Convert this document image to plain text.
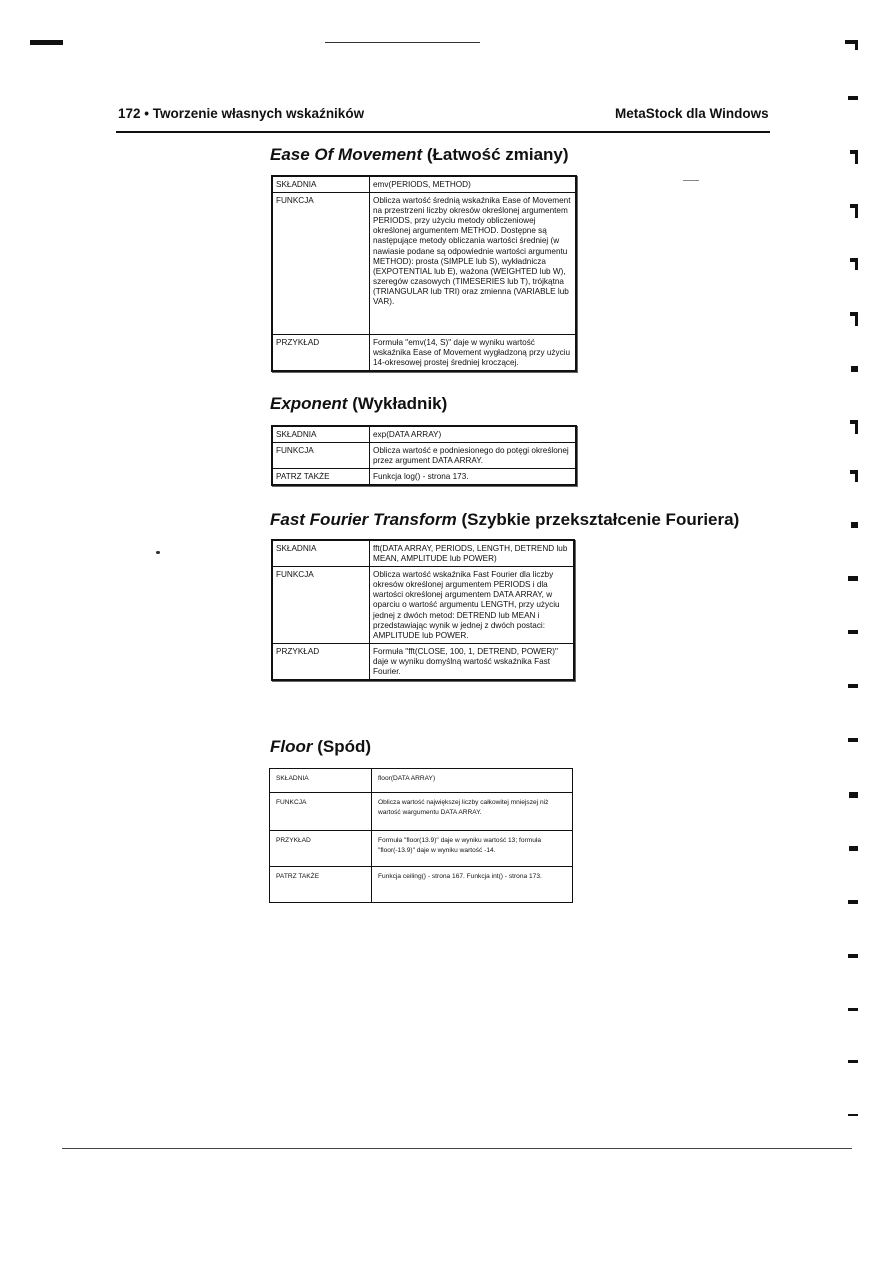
172 • Tworzenie własnych wskaźników	MetaStock dla Windows
Ease Of Movement (Łatwość zmiany)
SKŁADNIA	emv(PERIODS, METHOD)
FUNKCJA	Oblicza wartość średnią wskaźnika Ease of Movement na przestrzeni liczby okresów określonej argumentem PERIODS, przy użyciu metody obliczeniowej określonej argumentem METHOD. Dostępne są następujące metody obliczania wartości średniej (w nawiasie podane są odpowiednie wartości argumentu METHOD): prosta (SIMPLE lub S), wykładnicza (EXPOTENTIAL lub E), ważona (WEIGHTED lub W), szeregów czasowych (TIMESERIES lub T), trójkątna (TRIANGULAR lub TRI) oraz zmienna (VARIABLE lub VAR).
PRZYKŁAD	Formuła "emv(14, S)" daje w wyniku wartość wskaźnika Ease of Movement wygładzoną przy użyciu 14-okresowej prostej średniej kroczącej.
Exponent (Wykładnik)
SKŁADNIA	exp(DATA ARRAY)
FUNKCJA	Oblicza wartość e podniesionego do potęgi określonej przez argument DATA ARRAY.
PATRZ TAKŻE	Funkcja log() - strona 173.
Fast Fourier Transform (Szybkie przekształcenie Fouriera)
SKŁADNIA	fft(DATA ARRAY, PERIODS, LENGTH, DETREND lub MEAN, AMPLITUDE lub POWER)
FUNKCJA	Oblicza wartość wskaźnika Fast Fourier dla liczby okresów określonej argumentem PERIODS i dla wartości określonej argumentem DATA ARRAY, w oparciu o wartość argumentu LENGTH, przy użyciu jednej z dwóch metod: DETREND lub MEAN i przedstawiając wynik w jednej z dwóch postaci: AMPLITUDE lub POWER.
PRZYKŁAD	Formuła "fft(CLOSE, 100, 1, DETREND, POWER)" daje w wyniku domyślną wartość wskaźnika Fast Fourier.
Floor (Spód)
SKŁADNIA	floor(DATA ARRAY)
FUNKCJA	Oblicza wartość największej liczby całkowitej mniejszej niż wartość wargumentu DATA ARRAY.
PRZYKŁAD	Formuła "floor(13.9)" daje w wyniku wartość 13; formuła "floor(-13.9)" daje w wyniku wartość -14.
PATRZ TAKŻE	Funkcja ceiling() - strona 167. Funkcja int() - strona 173.
